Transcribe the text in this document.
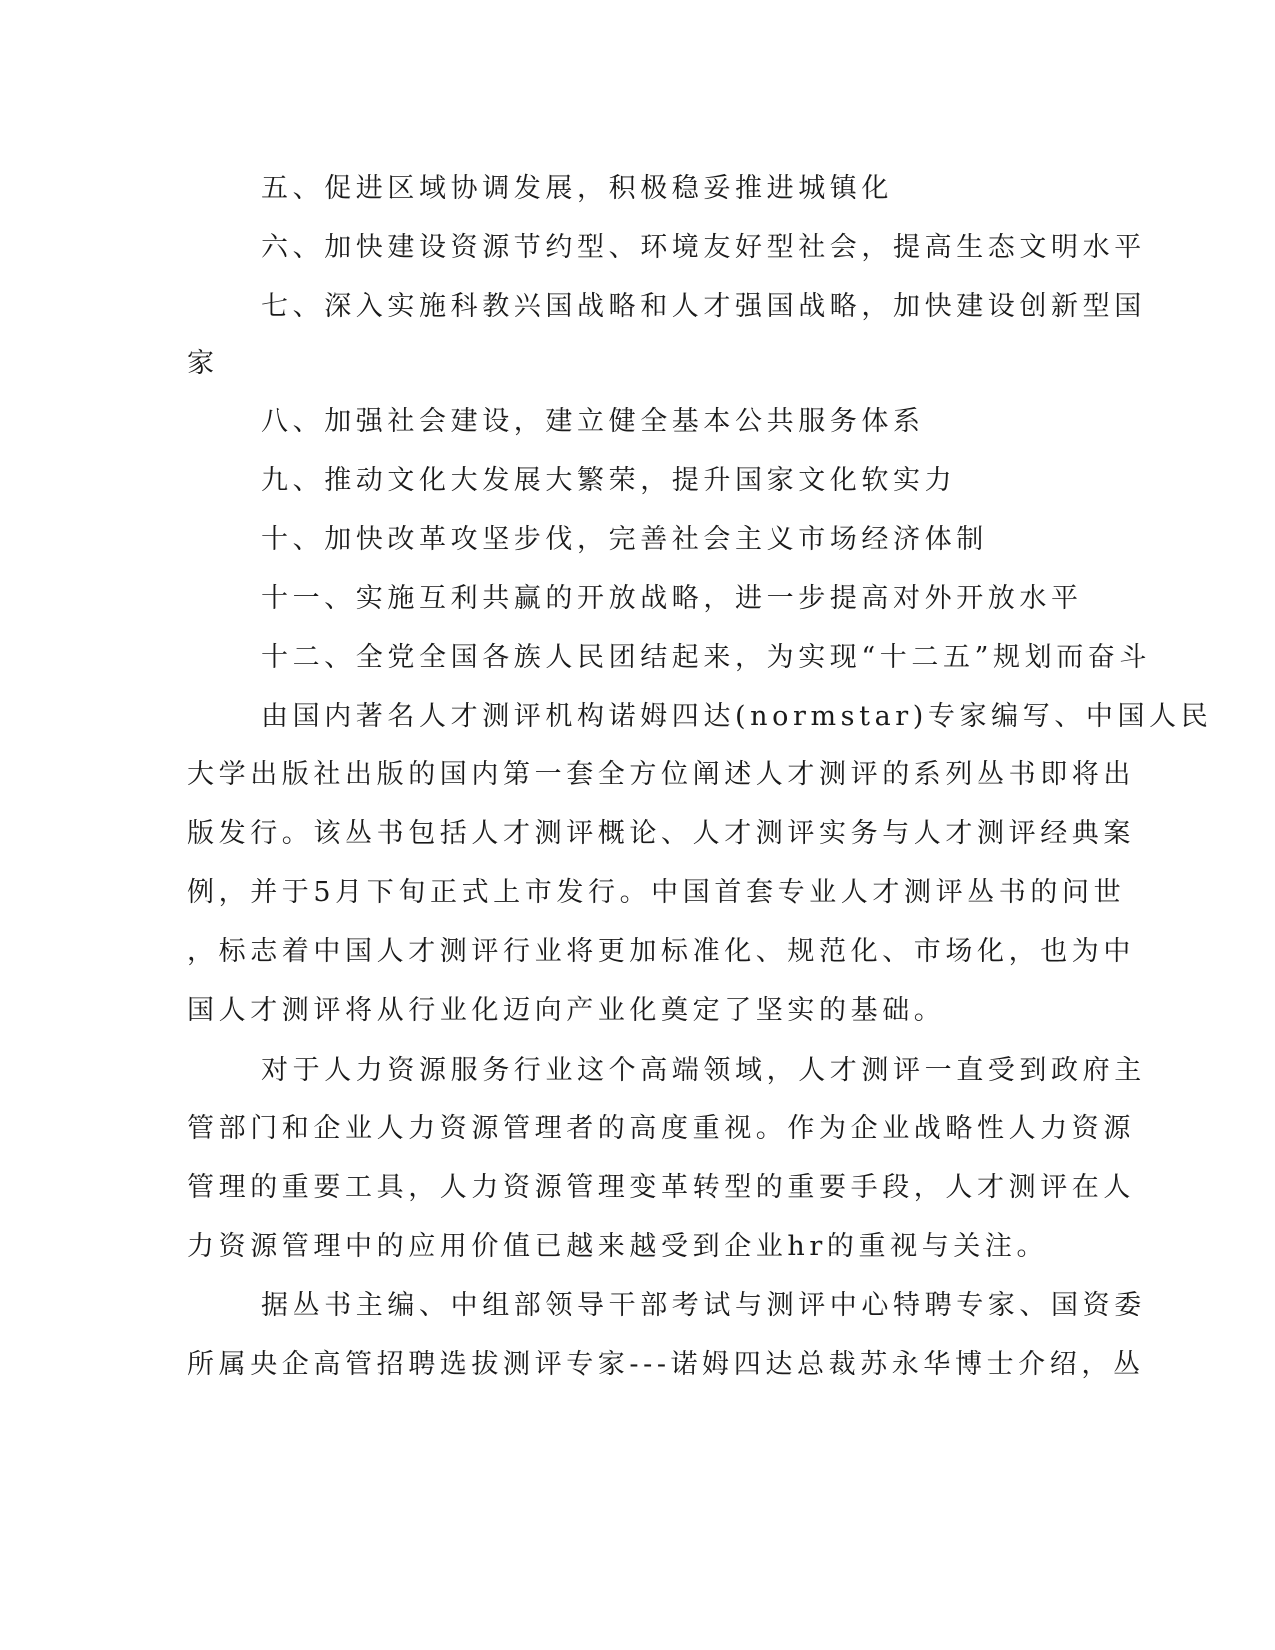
五、促进区域协调发展，积极稳妥推进城镇化
六、加快建设资源节约型、环境友好型社会，提高生态文明水平
七、深入实施科教兴国战略和人才强国战略，加快建设创新型国
家
八、加强社会建设，建立健全基本公共服务体系
九、推动文化大发展大繁荣，提升国家文化软实力
十、加快改革攻坚步伐，完善社会主义市场经济体制
十一、实施互利共赢的开放战略，进一步提高对外开放水平
十二、全党全国各族人民团结起来，为实现“十二五”规划而奋斗
由国内著名人才测评机构诺姆四达(normstar)专家编写、中国人民
大学出版社出版的国内第一套全方位阐述人才测评的系列丛书即将出
版发行。该丛书包括人才测评概论、人才测评实务与人才测评经典案
例，并于5月下旬正式上市发行。中国首套专业人才测评丛书的问世
，标志着中国人才测评行业将更加标准化、规范化、市场化，也为中
国人才测评将从行业化迈向产业化奠定了坚实的基础。
对于人力资源服务行业这个高端领域，人才测评一直受到政府主
管部门和企业人力资源管理者的高度重视。作为企业战略性人力资源
管理的重要工具，人力资源管理变革转型的重要手段，人才测评在人
力资源管理中的应用价值已越来越受到企业hr的重视与关注。
据丛书主编、中组部领导干部考试与测评中心特聘专家、国资委
所属央企高管招聘选拔测评专家---诺姆四达总裁苏永华博士介绍，丛
